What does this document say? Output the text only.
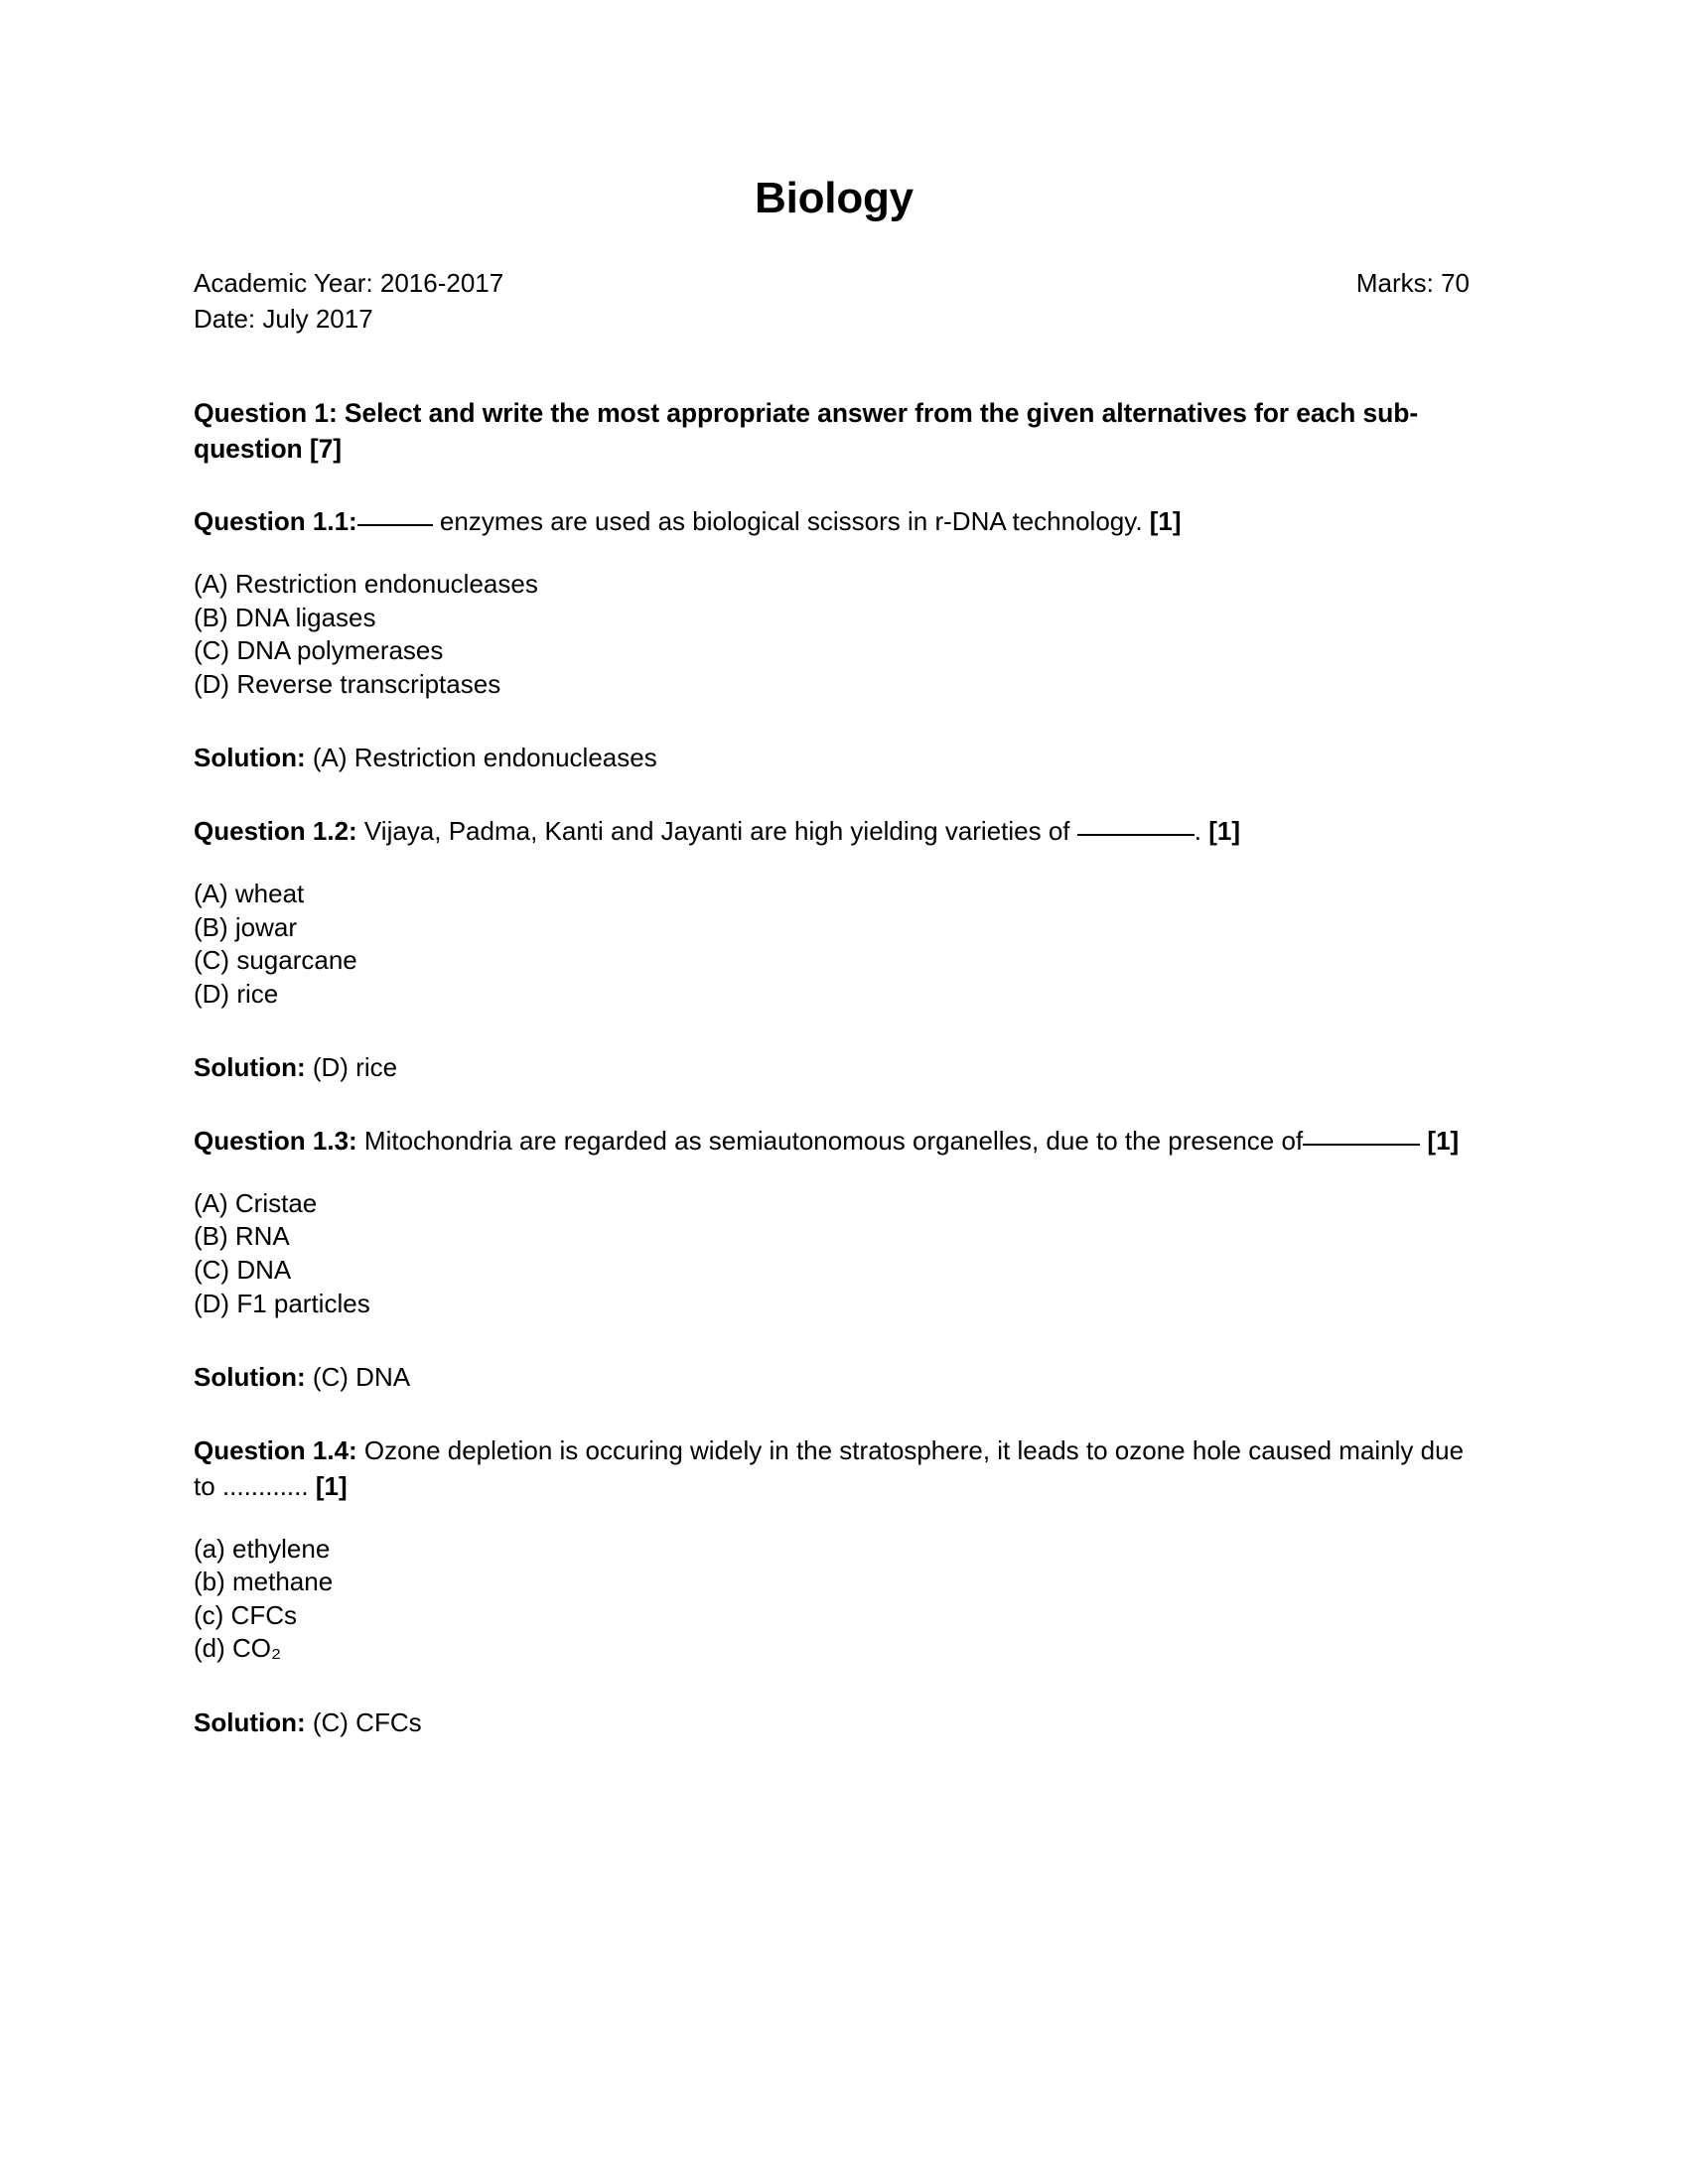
Biology
Academic Year: 2016-2017	Marks: 70
Date: July 2017
Question 1: Select and write the most appropriate answer from the given alternatives for each sub-question [7]
Question 1.1:	enzymes are used as biological scissors in r-DNA technology. [1]
(A) Restriction endonucleases
(B) DNA ligases
(C) DNA polymerases
(D) Reverse transcriptases
Solution: (A) Restriction endonucleases
Question 1.2: Vijaya, Padma, Kanti and Jayanti are high yielding varieties of	. [1]
(A) wheat
(B) jowar
(C) sugarcane
(D) rice
Solution: (D) rice
Question 1.3: Mitochondria are regarded as semiautonomous organelles, due to the presence of	[1]
(A) Cristae
(B) RNA
(C) DNA
(D) F1 particles
Solution: (C) DNA
Question 1.4: Ozone depletion is occuring widely in the stratosphere, it leads to ozone hole caused mainly due to ............ [1]
(a) ethylene
(b) methane
(c) CFCs
(d) CO₂
Solution: (C) CFCs
